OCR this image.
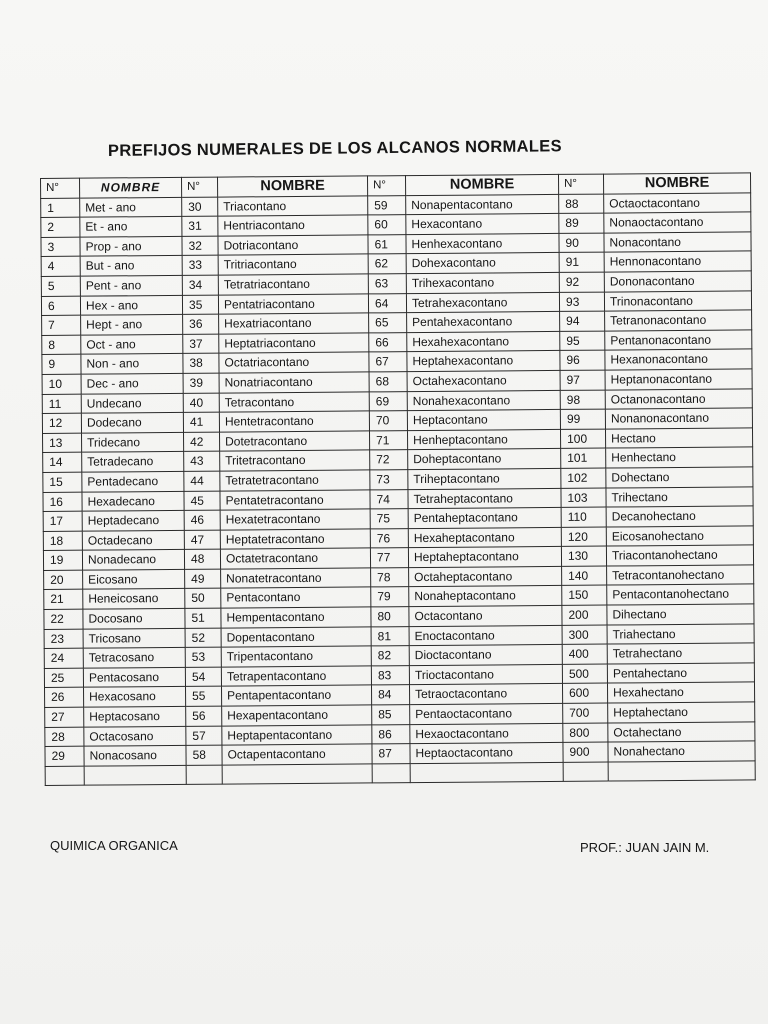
PREFIJOS NUMERALES DE LOS ALCANOS NORMALES
N°	NOMBRE	N°	NOMBRE	N°	NOMBRE	N°	NOMBRE
1	Met - ano	30	Triacontano	59	Nonapentacontano	88	Octaoctacontano
2	Et - ano	31	Hentriacontano	60	Hexacontano	89	Nonaoctacontano
3	Prop - ano	32	Dotriacontano	61	Henhexacontano	90	Nonacontano
4	But - ano	33	Tritriacontano	62	Dohexacontano	91	Hennonacontano
5	Pent - ano	34	Tetratriacontano	63	Trihexacontano	92	Dononacontano
6	Hex - ano	35	Pentatriacontano	64	Tetrahexacontano	93	Trinonacontano
7	Hept - ano	36	Hexatriacontano	65	Pentahexacontano	94	Tetranonacontano
8	Oct - ano	37	Heptatriacontano	66	Hexahexacontano	95	Pentanonacontano
9	Non - ano	38	Octatriacontano	67	Heptahexacontano	96	Hexanonacontano
10	Dec - ano	39	Nonatriacontano	68	Octahexacontano	97	Heptanonacontano
11	Undecano	40	Tetracontano	69	Nonahexacontano	98	Octanonacontano
12	Dodecano	41	Hentetracontano	70	Heptacontano	99	Nonanonacontano
13	Tridecano	42	Dotetracontano	71	Henheptacontano	100	Hectano
14	Tetradecano	43	Tritetracontano	72	Doheptacontano	101	Henhectano
15	Pentadecano	44	Tetratetracontano	73	Triheptacontano	102	Dohectano
16	Hexadecano	45	Pentatetracontano	74	Tetraheptacontano	103	Trihectano
17	Heptadecano	46	Hexatetracontano	75	Pentaheptacontano	110	Decanohectano
18	Octadecano	47	Heptatetracontano	76	Hexaheptacontano	120	Eicosanohectano
19	Nonadecano	48	Octatetracontano	77	Heptaheptacontano	130	Triacontanohectano
20	Eicosano	49	Nonatetracontano	78	Octaheptacontano	140	Tetracontanohectano
21	Heneicosano	50	Pentacontano	79	Nonaheptacontano	150	Pentacontanohectano
22	Docosano	51	Hempentacontano	80	Octacontano	200	Dihectano
23	Tricosano	52	Dopentacontano	81	Enoctacontano	300	Triahectano
24	Tetracosano	53	Tripentacontano	82	Dioctacontano	400	Tetrahectano
25	Pentacosano	54	Tetrapentacontano	83	Trioctacontano	500	Pentahectano
26	Hexacosano	55	Pentapentacontano	84	Tetraoctacontano	600	Hexahectano
27	Heptacosano	56	Hexapentacontano	85	Pentaoctacontano	700	Heptahectano
28	Octacosano	57	Heptapentacontano	86	Hexaoctacontano	800	Octahectano
29	Nonacosano	58	Octapentacontano	87	Heptaoctacontano	900	Nonahectano

QUIMICA ORGANICA	PROF.: JUAN JAIN M.
